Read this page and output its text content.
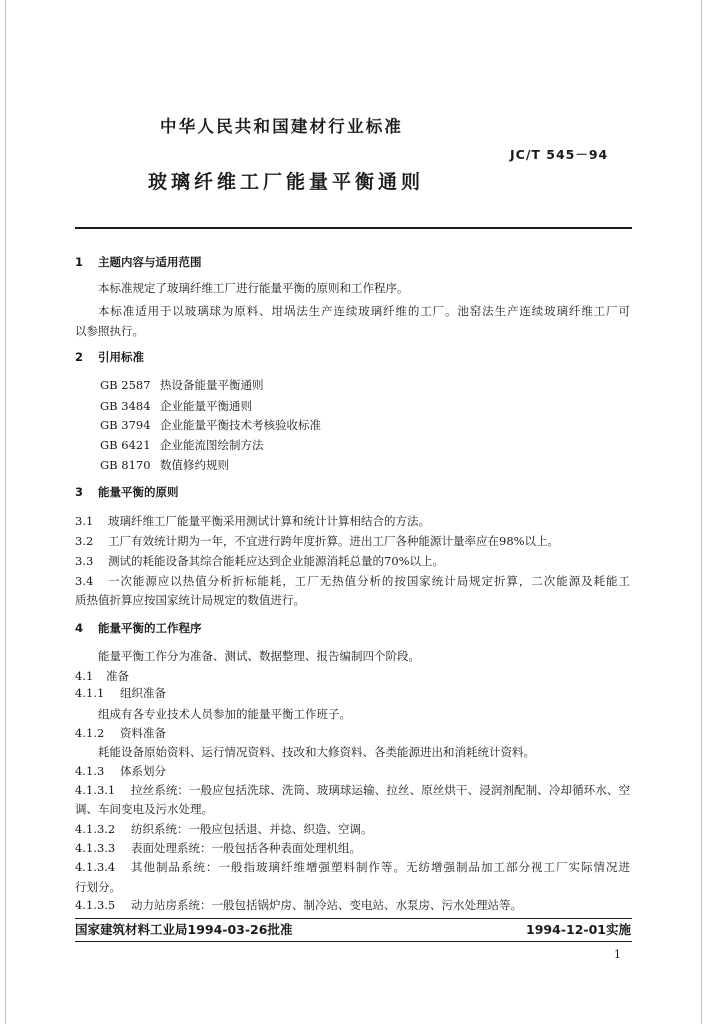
中华人民共和国建材行业标准
JC/T 545－94
玻璃纤维工厂能量平衡通则
1 主题内容与适用范围
本标准规定了玻璃纤维工厂进行能量平衡的原则和工作程序。
本标准适用于以玻璃球为原料、坩埚法生产连续玻璃纤维的工厂。池窑法生产连续玻璃纤维工厂可
以参照执行。
2 引用标准
GB 2587 热设备能量平衡通则
GB 3484 企业能量平衡通则
GB 3794 企业能量平衡技术考核验收标准
GB 6421 企业能流图绘制方法
GB 8170 数值修约规则
3 能量平衡的原则
3.1 玻璃纤维工厂能量平衡采用测试计算和统计计算相结合的方法。
3.2 工厂有效统计期为一年，不宜进行跨年度折算。进出工厂各种能源计量率应在98%以上。
3.3 测试的耗能设备其综合能耗应达到企业能源消耗总量的70%以上。
3.4 一次能源应以热值分析折标能耗，工厂无热值分析的按国家统计局规定折算，二次能源及耗能工
质热值折算应按国家统计局规定的数值进行。
4 能量平衡的工作程序
能量平衡工作分为准备、测试、数据整理、报告编制四个阶段。
4.1 准备
4.1.1 组织准备
组成有各专业技术人员参加的能量平衡工作班子。
4.1.2 资料准备
耗能设备原始资料、运行情况资料、技改和大修资料、各类能源进出和消耗统计资料。
4.1.3 体系划分
4.1.3.1 拉丝系统：一般应包括洗球、洗筒、玻璃球运输、拉丝、原丝烘干、浸润剂配制、冷却循环水、空
调、车间变电及污水处理。
4.1.3.2 纺织系统：一般应包括退、并捻、织造、空调。
4.1.3.3 表面处理系统：一般包括各种表面处理机组。
4.1.3.4 其他制品系统：一般指玻璃纤维增强塑料制作等。无纺增强制品加工部分视工厂实际情况进
行划分。
4.1.3.5 动力站房系统：一般包括锅炉房、制冷站、变电站、水泵房、污水处理站等。
国家建筑材料工业局1994-03-26批准	1994-12-01实施
1
